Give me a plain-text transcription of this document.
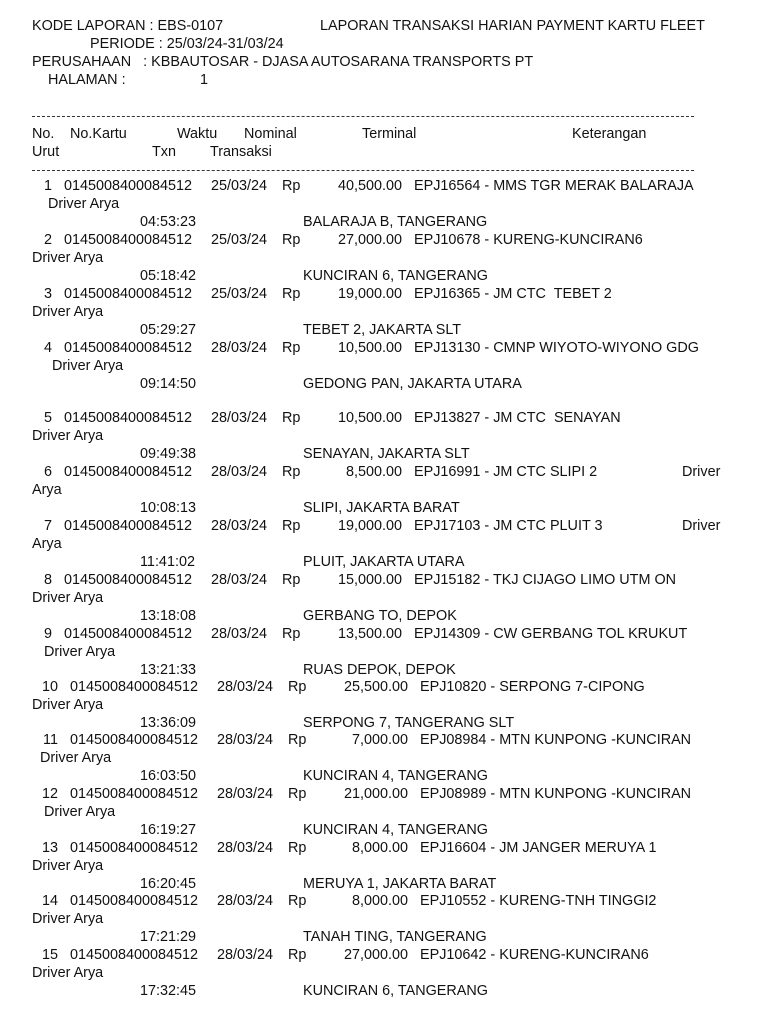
KODE LAPORAN : EBS-0107	LAPORAN TRANSAKSI HARIAN PAYMENT KARTU FLEET
PERIODE : 25/03/24-31/03/24
PERUSAHAAN   : KBBAUTOSAR - DJASA AUTOSARANA TRANSPORTS PT
HALAMAN :	1
No. No.Kartu	Waktu Nominal	Terminal	Keterangan
Urut	Txn Transaksi
1 0145008400084512 25/03/24 Rp	40,500.00 EPJ16564 - MMS TGR MERAK BALARAJA
Driver Arya
04:53:23	BALARAJA B, TANGERANG
2 0145008400084512 25/03/24 Rp	27,000.00 EPJ10678 - KURENG-KUNCIRAN6
Driver Arya
05:18:42	KUNCIRAN 6, TANGERANG
3 0145008400084512 25/03/24 Rp	19,000.00 EPJ16365 - JM CTC  TEBET 2
Driver Arya
05:29:27	TEBET 2, JAKARTA SLT
4 0145008400084512 28/03/24 Rp	10,500.00 EPJ13130 - CMNP WIYOTO-WIYONO GDG
Driver Arya
09:14:50	GEDONG PAN, JAKARTA UTARA
5 0145008400084512 28/03/24 Rp	10,500.00 EPJ13827 - JM CTC  SENAYAN
Driver Arya
09:49:38	SENAYAN, JAKARTA SLT
6 0145008400084512 28/03/24 Rp	8,500.00 EPJ16991 - JM CTC SLIPI 2	Driver
Arya
10:08:13	SLIPI, JAKARTA BARAT
7 0145008400084512 28/03/24 Rp	19,000.00 EPJ17103 - JM CTC PLUIT 3	Driver
Arya
11:41:02	PLUIT, JAKARTA UTARA
8 0145008400084512 28/03/24 Rp	15,000.00 EPJ15182 - TKJ CIJAGO LIMO UTM ON
Driver Arya
13:18:08	GERBANG TO, DEPOK
9 0145008400084512 28/03/24 Rp	13,500.00 EPJ14309 - CW GERBANG TOL KRUKUT
Driver Arya
13:21:33	RUAS DEPOK, DEPOK
10 0145008400084512 28/03/24 Rp	25,500.00 EPJ10820 - SERPONG 7-CIPONG
Driver Arya
13:36:09	SERPONG 7, TANGERANG SLT
11 0145008400084512 28/03/24 Rp	7,000.00 EPJ08984 - MTN KUNPONG -KUNCIRAN
Driver Arya
16:03:50	KUNCIRAN 4, TANGERANG
12 0145008400084512 28/03/24 Rp	21,000.00 EPJ08989 - MTN KUNPONG -KUNCIRAN
Driver Arya
16:19:27	KUNCIRAN 4, TANGERANG
13 0145008400084512 28/03/24 Rp	8,000.00 EPJ16604 - JM JANGER MERUYA 1
Driver Arya
16:20:45	MERUYA 1, JAKARTA BARAT
14 0145008400084512 28/03/24 Rp	8,000.00 EPJ10552 - KURENG-TNH TINGGI2
Driver Arya
17:21:29	TANAH TING, TANGERANG
15 0145008400084512 28/03/24 Rp	27,000.00 EPJ10642 - KURENG-KUNCIRAN6
Driver Arya
17:32:45	KUNCIRAN 6, TANGERANG
